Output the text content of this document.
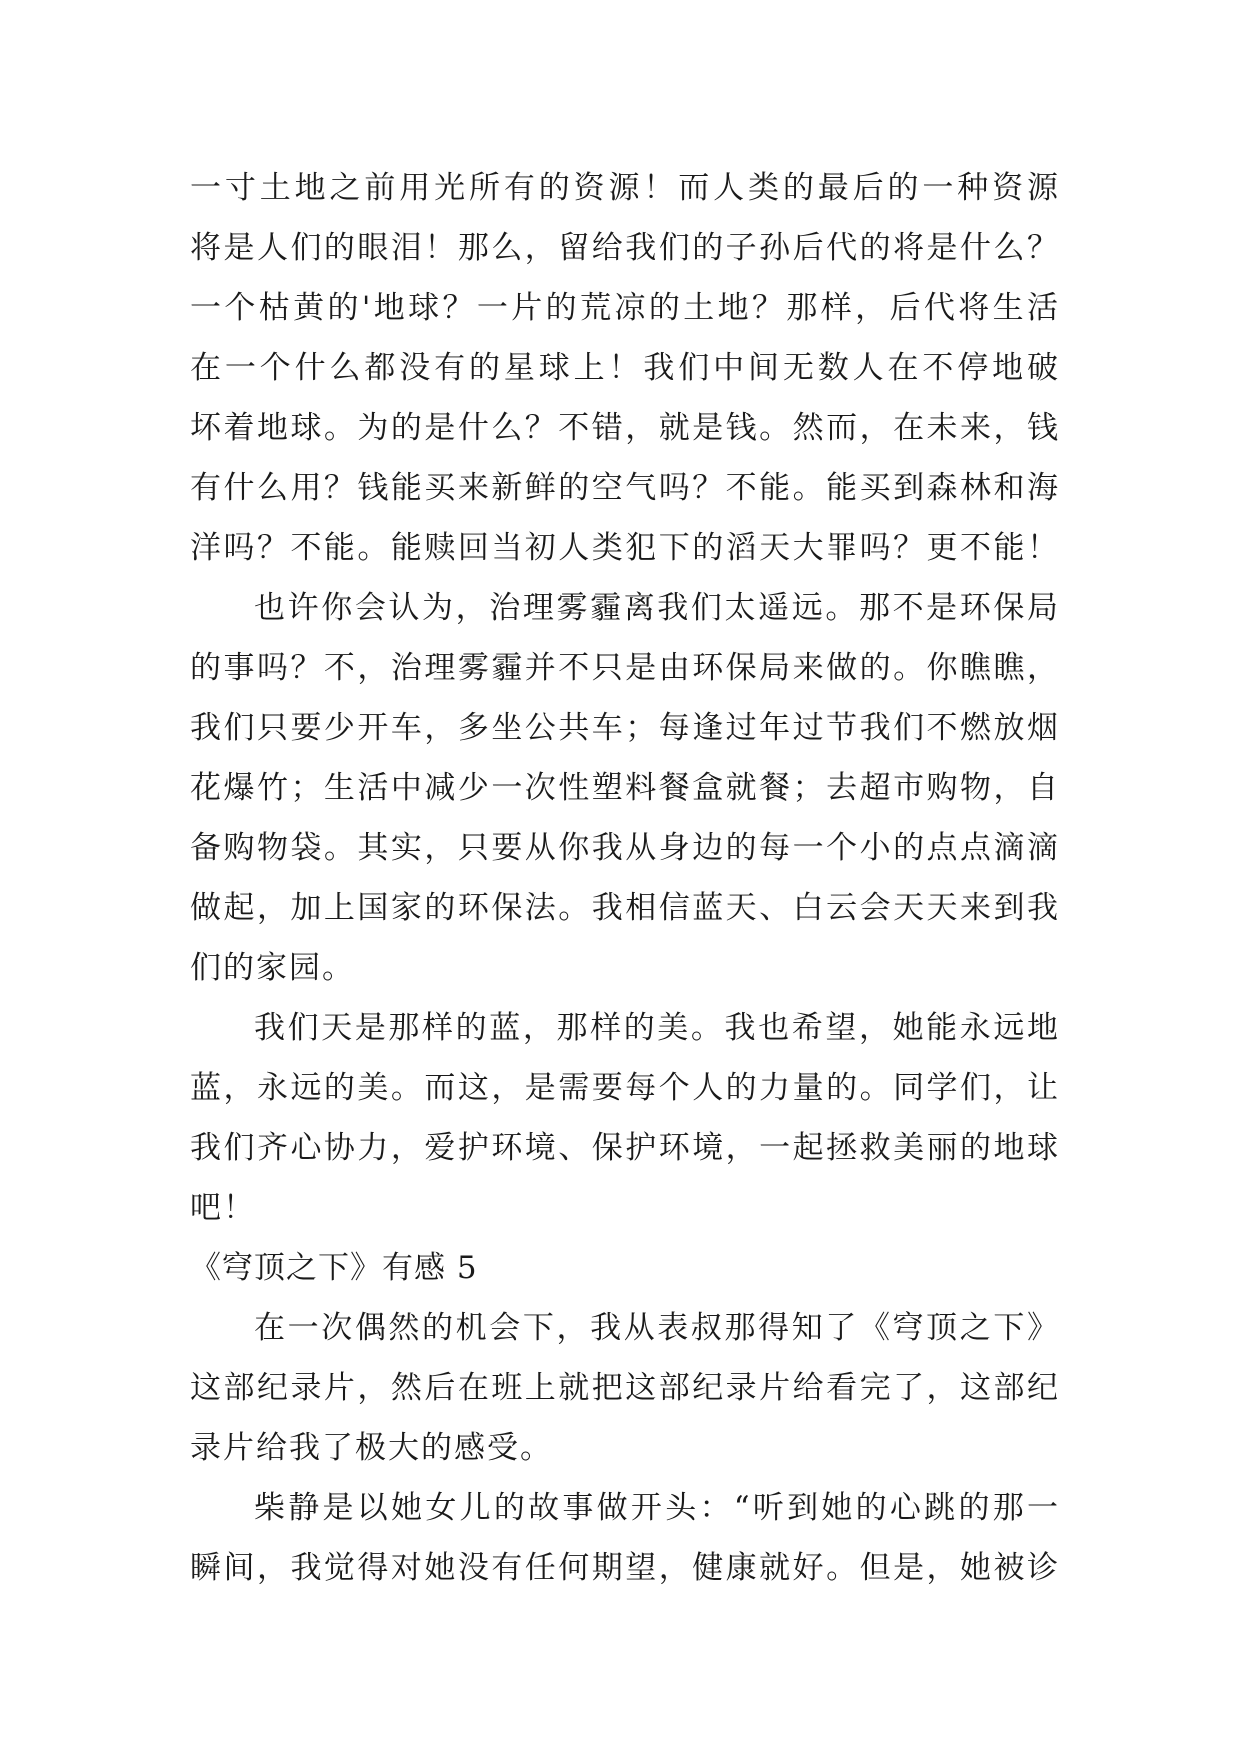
一寸土地之前用光所有的资源！而人类的最后的一种资源
将是人们的眼泪！那么，留给我们的子孙后代的将是什么？
一个枯黄的'地球？一片的荒凉的土地？那样，后代将生活
在一个什么都没有的星球上！我们中间无数人在不停地破
坏着地球。为的是什么？不错，就是钱。然而，在未来，钱
有什么用？钱能买来新鲜的空气吗？不能。能买到森林和海
洋吗？不能。能赎回当初人类犯下的滔天大罪吗？更不能！
也许你会认为，治理雾霾离我们太遥远。那不是环保局
的事吗？不，治理雾霾并不只是由环保局来做的。你瞧瞧，
我们只要少开车，多坐公共车；每逢过年过节我们不燃放烟
花爆竹；生活中减少一次性塑料餐盒就餐；去超市购物，自
备购物袋。其实，只要从你我从身边的每一个小的点点滴滴
做起，加上国家的环保法。我相信蓝天、白云会天天来到我
们的家园。
我们天是那样的蓝，那样的美。我也希望，她能永远地
蓝，永远的美。而这，是需要每个人的力量的。同学们，让
我们齐心协力，爱护环境、保护环境，一起拯救美丽的地球
吧！
《穹顶之下》有感 5
在一次偶然的机会下，我从表叔那得知了《穹顶之下》
这部纪录片，然后在班上就把这部纪录片给看完了，这部纪
录片给我了极大的感受。
柴静是以她女儿的故事做开头：“听到她的心跳的那一
瞬间，我觉得对她没有任何期望，健康就好。但是，她被诊
